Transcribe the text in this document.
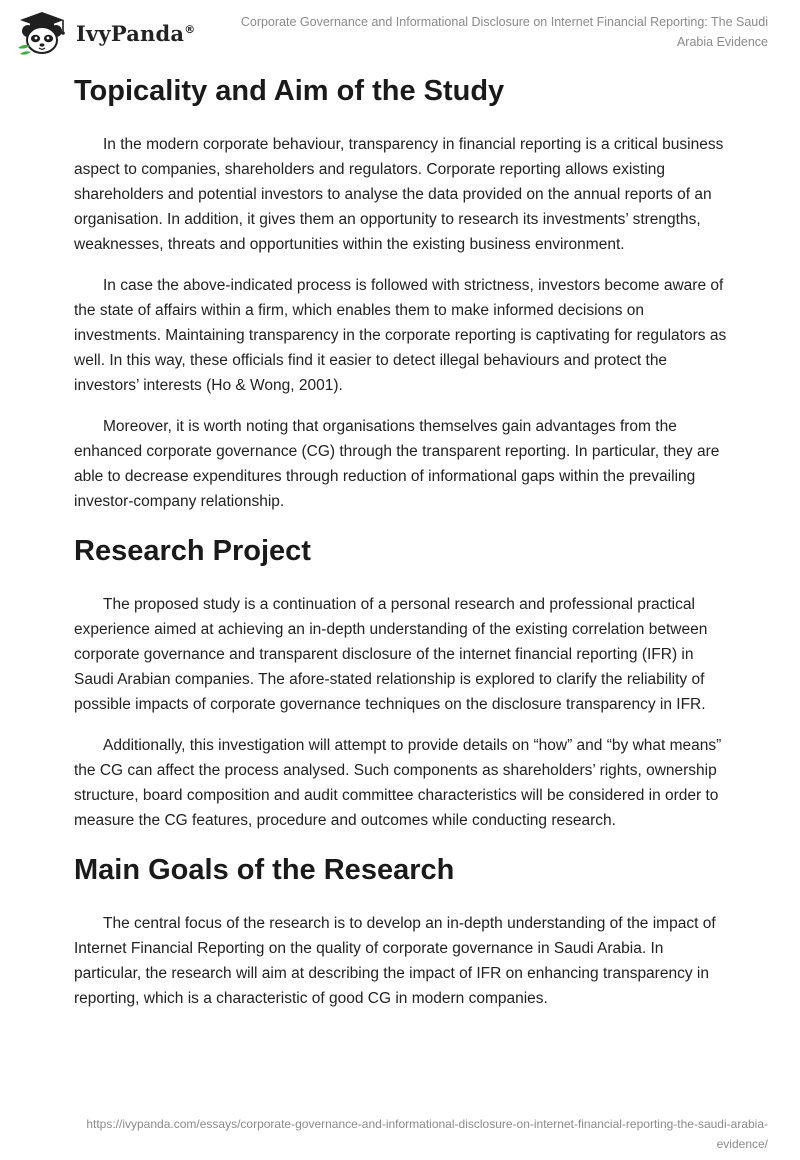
IvyPanda®	Corporate Governance and Informational Disclosure on Internet Financial Reporting: The Saudi Arabia Evidence
Topicality and Aim of the Study

In the modern corporate behaviour, transparency in financial reporting is a critical business aspect to companies, shareholders and regulators. Corporate reporting allows existing shareholders and potential investors to analyse the data provided on the annual reports of an organisation. In addition, it gives them an opportunity to research its investments’ strengths, weaknesses, threats and opportunities within the existing business environment.

In case the above-indicated process is followed with strictness, investors become aware of the state of affairs within a firm, which enables them to make informed decisions on investments. Maintaining transparency in the corporate reporting is captivating for regulators as well. In this way, these officials find it easier to detect illegal behaviours and protect the investors’ interests (Ho & Wong, 2001).

Moreover, it is worth noting that organisations themselves gain advantages from the enhanced corporate governance (CG) through the transparent reporting. In particular, they are able to decrease expenditures through reduction of informational gaps within the prevailing investor-company relationship.

Research Project

The proposed study is a continuation of a personal research and professional practical experience aimed at achieving an in-depth understanding of the existing correlation between corporate governance and transparent disclosure of the internet financial reporting (IFR) in Saudi Arabian companies. The afore-stated relationship is explored to clarify the reliability of possible impacts of corporate governance techniques on the disclosure transparency in IFR.

Additionally, this investigation will attempt to provide details on “how” and “by what means” the CG can affect the process analysed. Such components as shareholders’ rights, ownership structure, board composition and audit committee characteristics will be considered in order to measure the CG features, procedure and outcomes while conducting research.

Main Goals of the Research

The central focus of the research is to develop an in-depth understanding of the impact of Internet Financial Reporting on the quality of corporate governance in Saudi Arabia. In particular, the research will aim at describing the impact of IFR on enhancing transparency in reporting, which is a characteristic of good CG in modern companies.

https://ivypanda.com/essays/corporate-governance-and-informational-disclosure-on-internet-financial-reporting-the-saudi-arabia-evidence/
